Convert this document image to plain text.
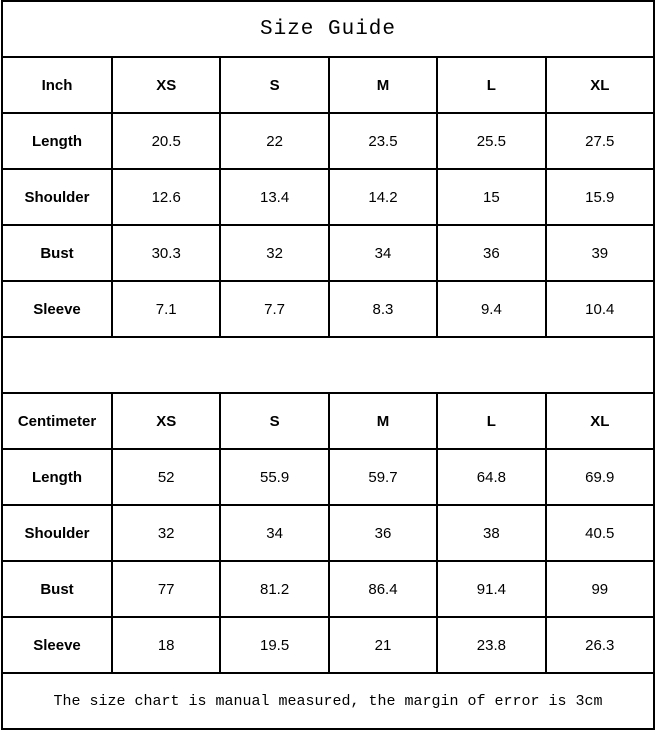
Size Guide					
Inch	XS	S	M	L	XL
Length	20.5	22	23.5	25.5	27.5
Shoulder	12.6	13.4	14.2	15	15.9
Bust	30.3	32	34	36	39
Sleeve	7.1	7.7	8.3	9.4	10.4

Centimeter	XS	S	M	L	XL
Length	52	55.9	59.7	64.8	69.9
Shoulder	32	34	36	38	40.5
Bust	77	81.2	86.4	91.4	99
Sleeve	18	19.5	21	23.8	26.3
The size chart is manual measured, the margin of error is 3cm					
